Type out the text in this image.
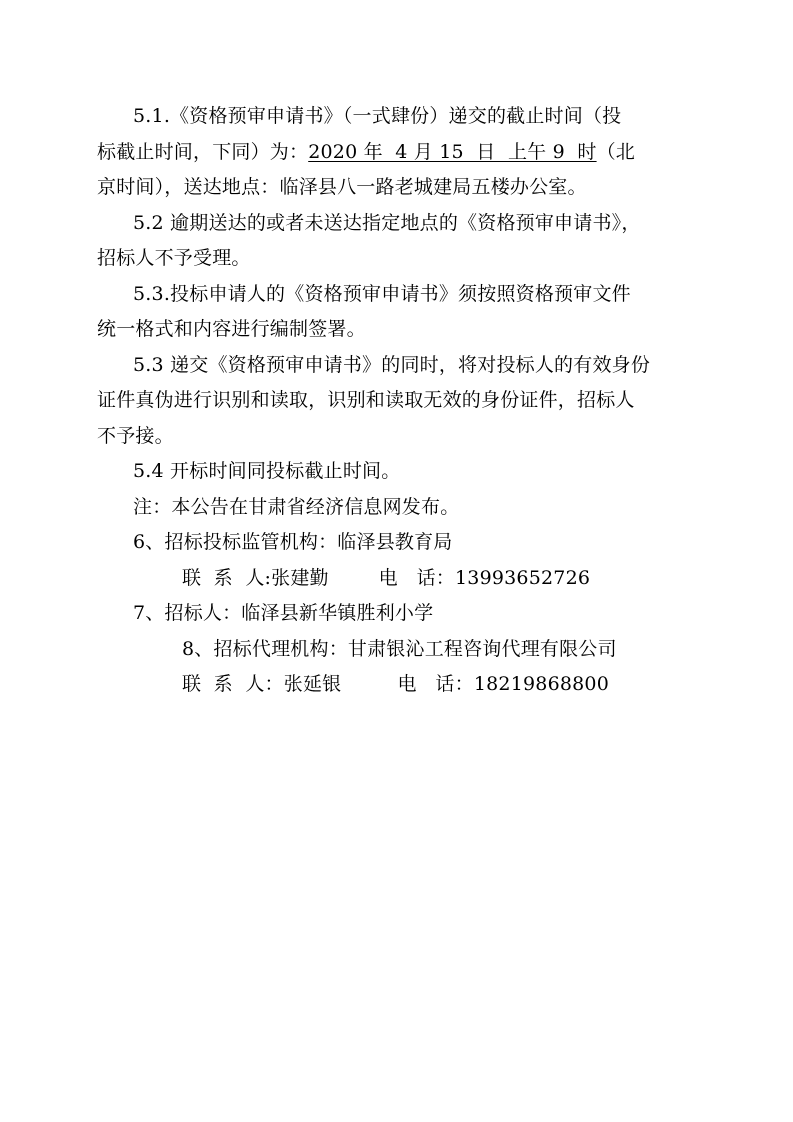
5.1.《资格预审申请书》（一式肆份）递交的截止时间（投
标截止时间，下同）为：2020 年  4 月 15  日  上午 9  时（北
京时间），送达地点：临泽县八一路老城建局五楼办公室。
5.2 逾期送达的或者未送达指定地点的《资格预审申请书》，
招标人不予受理。
5.3.投标申请人的《资格预审申请书》须按照资格预审文件
统一格式和内容进行编制签署。
5.3 递交《资格预审申请书》的同时，将对投标人的有效身份
证件真伪进行识别和读取，识别和读取无效的身份证件，招标人
不予接。
5.4 开标时间同投标截止时间。
注：本公告在甘肃省经济信息网发布。
6、招标投标监管机构：临泽县教育局
联  系  人:张建勤        电   话：13993652726
7、招标人：临泽县新华镇胜利小学
8、招标代理机构：甘肃银沁工程咨询代理有限公司
联  系  人：张延银         电   话：18219868800
